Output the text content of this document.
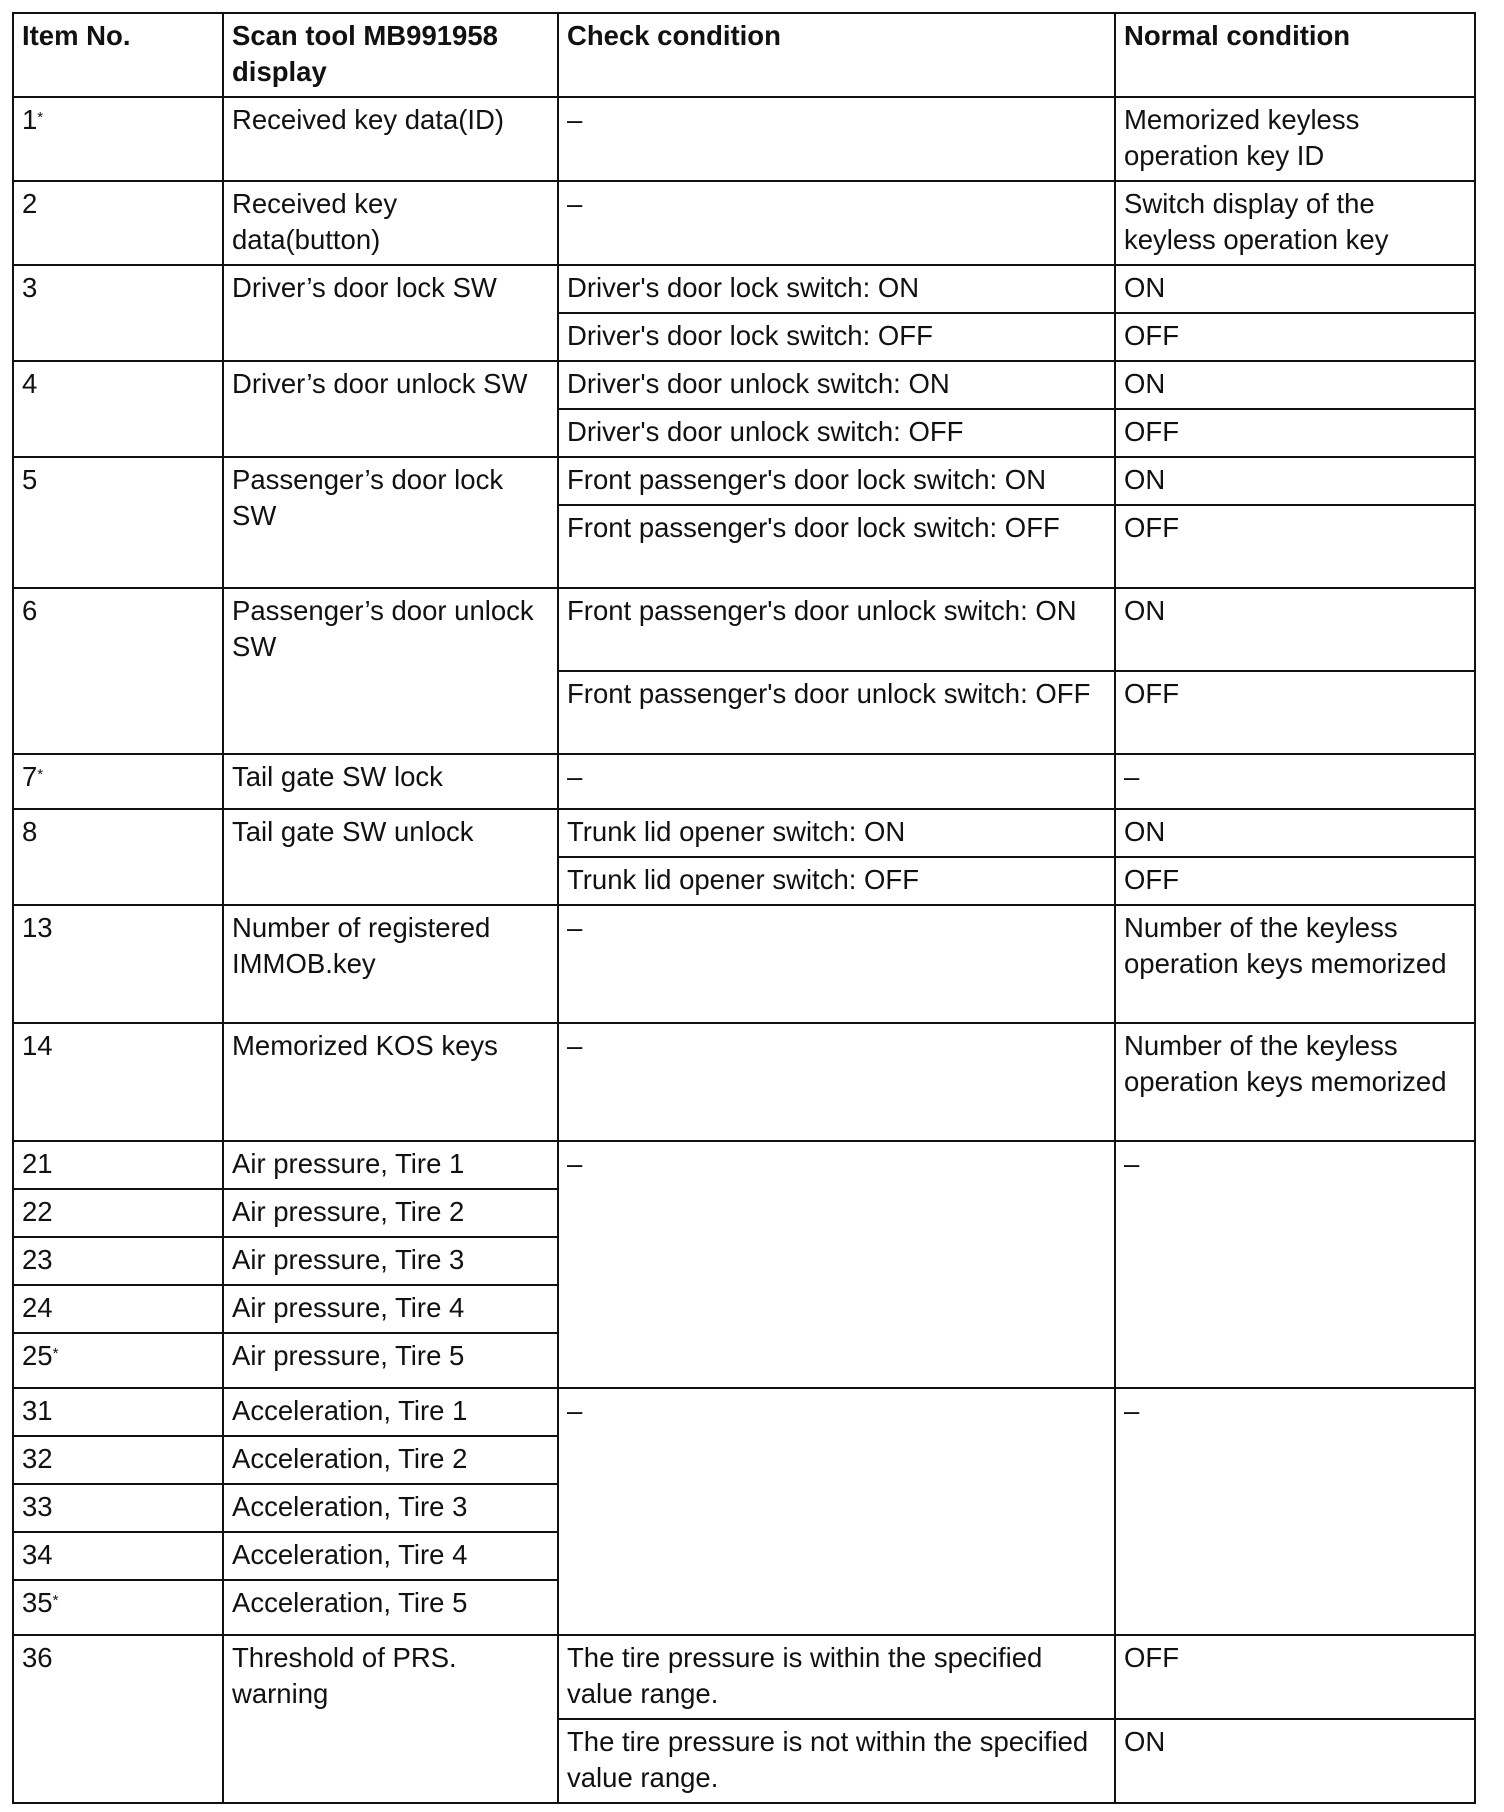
Item No.	Scan tool MB991958 display	Check condition	Normal condition
1*	Received key data(ID)	–	Memorized keyless operation key ID
2	Received key data(button)	–	Switch display of the keyless operation key
3	Driver’s door lock SW	Driver's door lock switch: ON	ON
		Driver's door lock switch: OFF	OFF
4	Driver’s door unlock SW	Driver's door unlock switch: ON	ON
		Driver's door unlock switch: OFF	OFF
5	Passenger’s door lock SW	Front passenger's door lock switch: ON	ON
		Front passenger's door lock switch: OFF	OFF
6	Passenger’s door unlock SW	Front passenger's door unlock switch: ON	ON
		Front passenger's door unlock switch: OFF	OFF
7*	Tail gate SW lock	–	–
8	Tail gate SW unlock	Trunk lid opener switch: ON	ON
		Trunk lid opener switch: OFF	OFF
13	Number of registered IMMOB.key	–	Number of the keyless operation keys memorized
14	Memorized KOS keys	–	Number of the keyless operation keys memorized
21	Air pressure, Tire 1	–	–
22	Air pressure, Tire 2		
23	Air pressure, Tire 3		
24	Air pressure, Tire 4		
25*	Air pressure, Tire 5		
31	Acceleration, Tire 1	–	–
32	Acceleration, Tire 2		
33	Acceleration, Tire 3		
34	Acceleration, Tire 4		
35*	Acceleration, Tire 5		
36	Threshold of PRS. warning	The tire pressure is within the specified value range.	OFF
		The tire pressure is not within the specified value range.	ON
